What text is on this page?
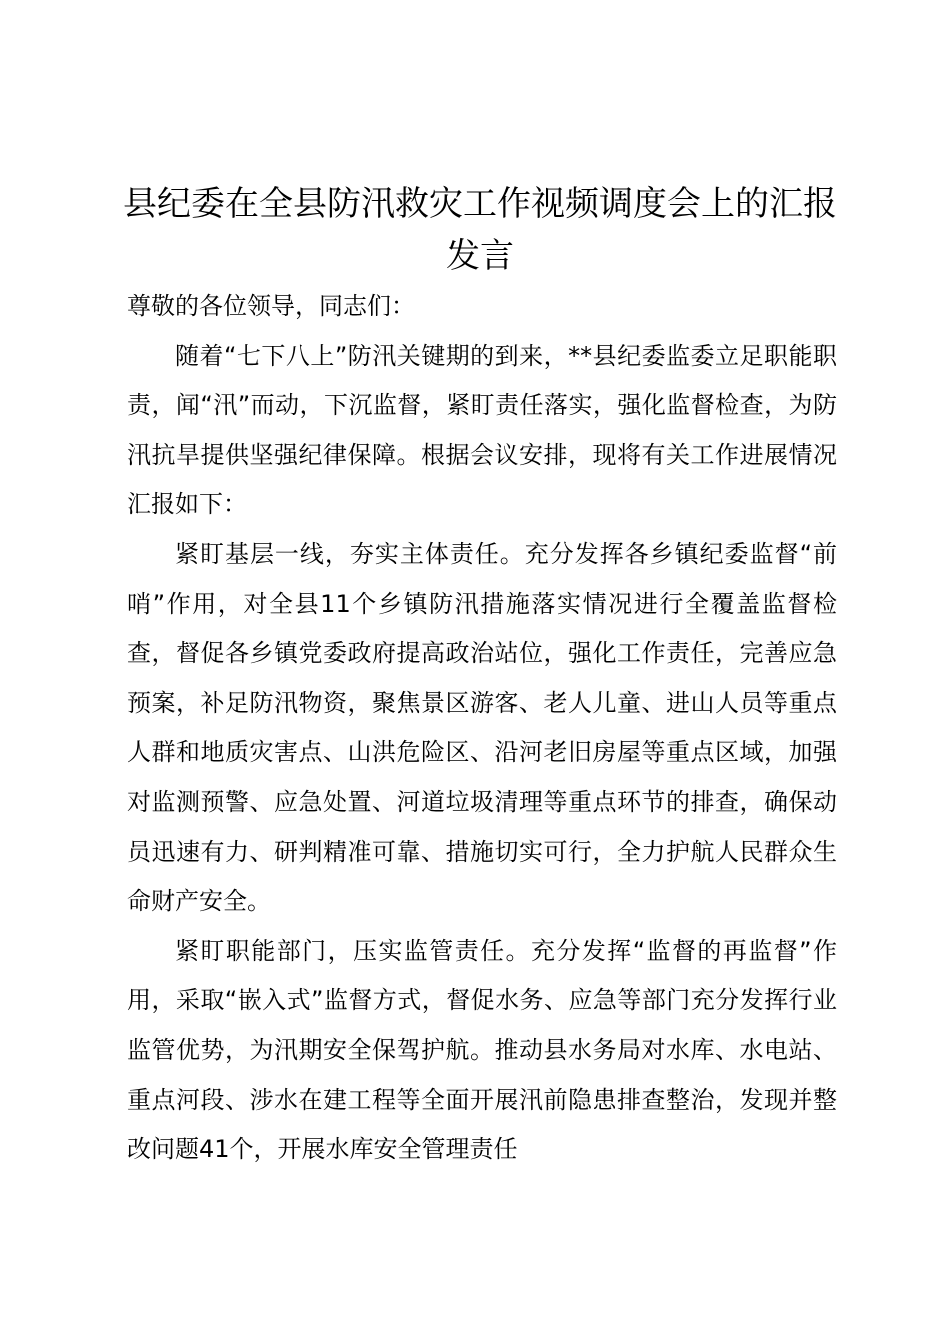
县纪委在全县防汛救灾工作视频调度会上的汇报发言

尊敬的各位领导，同志们：

随着“七下八上”防汛关键期的到来，**县纪委监委立足职能职责，闻“汛”而动，下沉监督，紧盯责任落实，强化监督检查，为防汛抗旱提供坚强纪律保障。根据会议安排，现将有关工作进展情况汇报如下：

紧盯基层一线，夯实主体责任。充分发挥各乡镇纪委监督“前哨”作用，对全县11个乡镇防汛措施落实情况进行全覆盖监督检查，督促各乡镇党委政府提高政治站位，强化工作责任，完善应急预案，补足防汛物资，聚焦景区游客、老人儿童、进山人员等重点人群和地质灾害点、山洪危险区、沿河老旧房屋等重点区域，加强对监测预警、应急处置、河道垃圾清理等重点环节的排查，确保动员迅速有力、研判精准可靠、措施切实可行，全力护航人民群众生命财产安全。

紧盯职能部门，压实监管责任。充分发挥“监督的再监督”作用，采取“嵌入式”监督方式，督促水务、应急等部门充分发挥行业监管优势，为汛期安全保驾护航。推动县水务局对水库、水电站、重点河段、涉水在建工程等全面开展汛前隐患排查整治，发现并整改问题41个，开展水库安全管理责任
